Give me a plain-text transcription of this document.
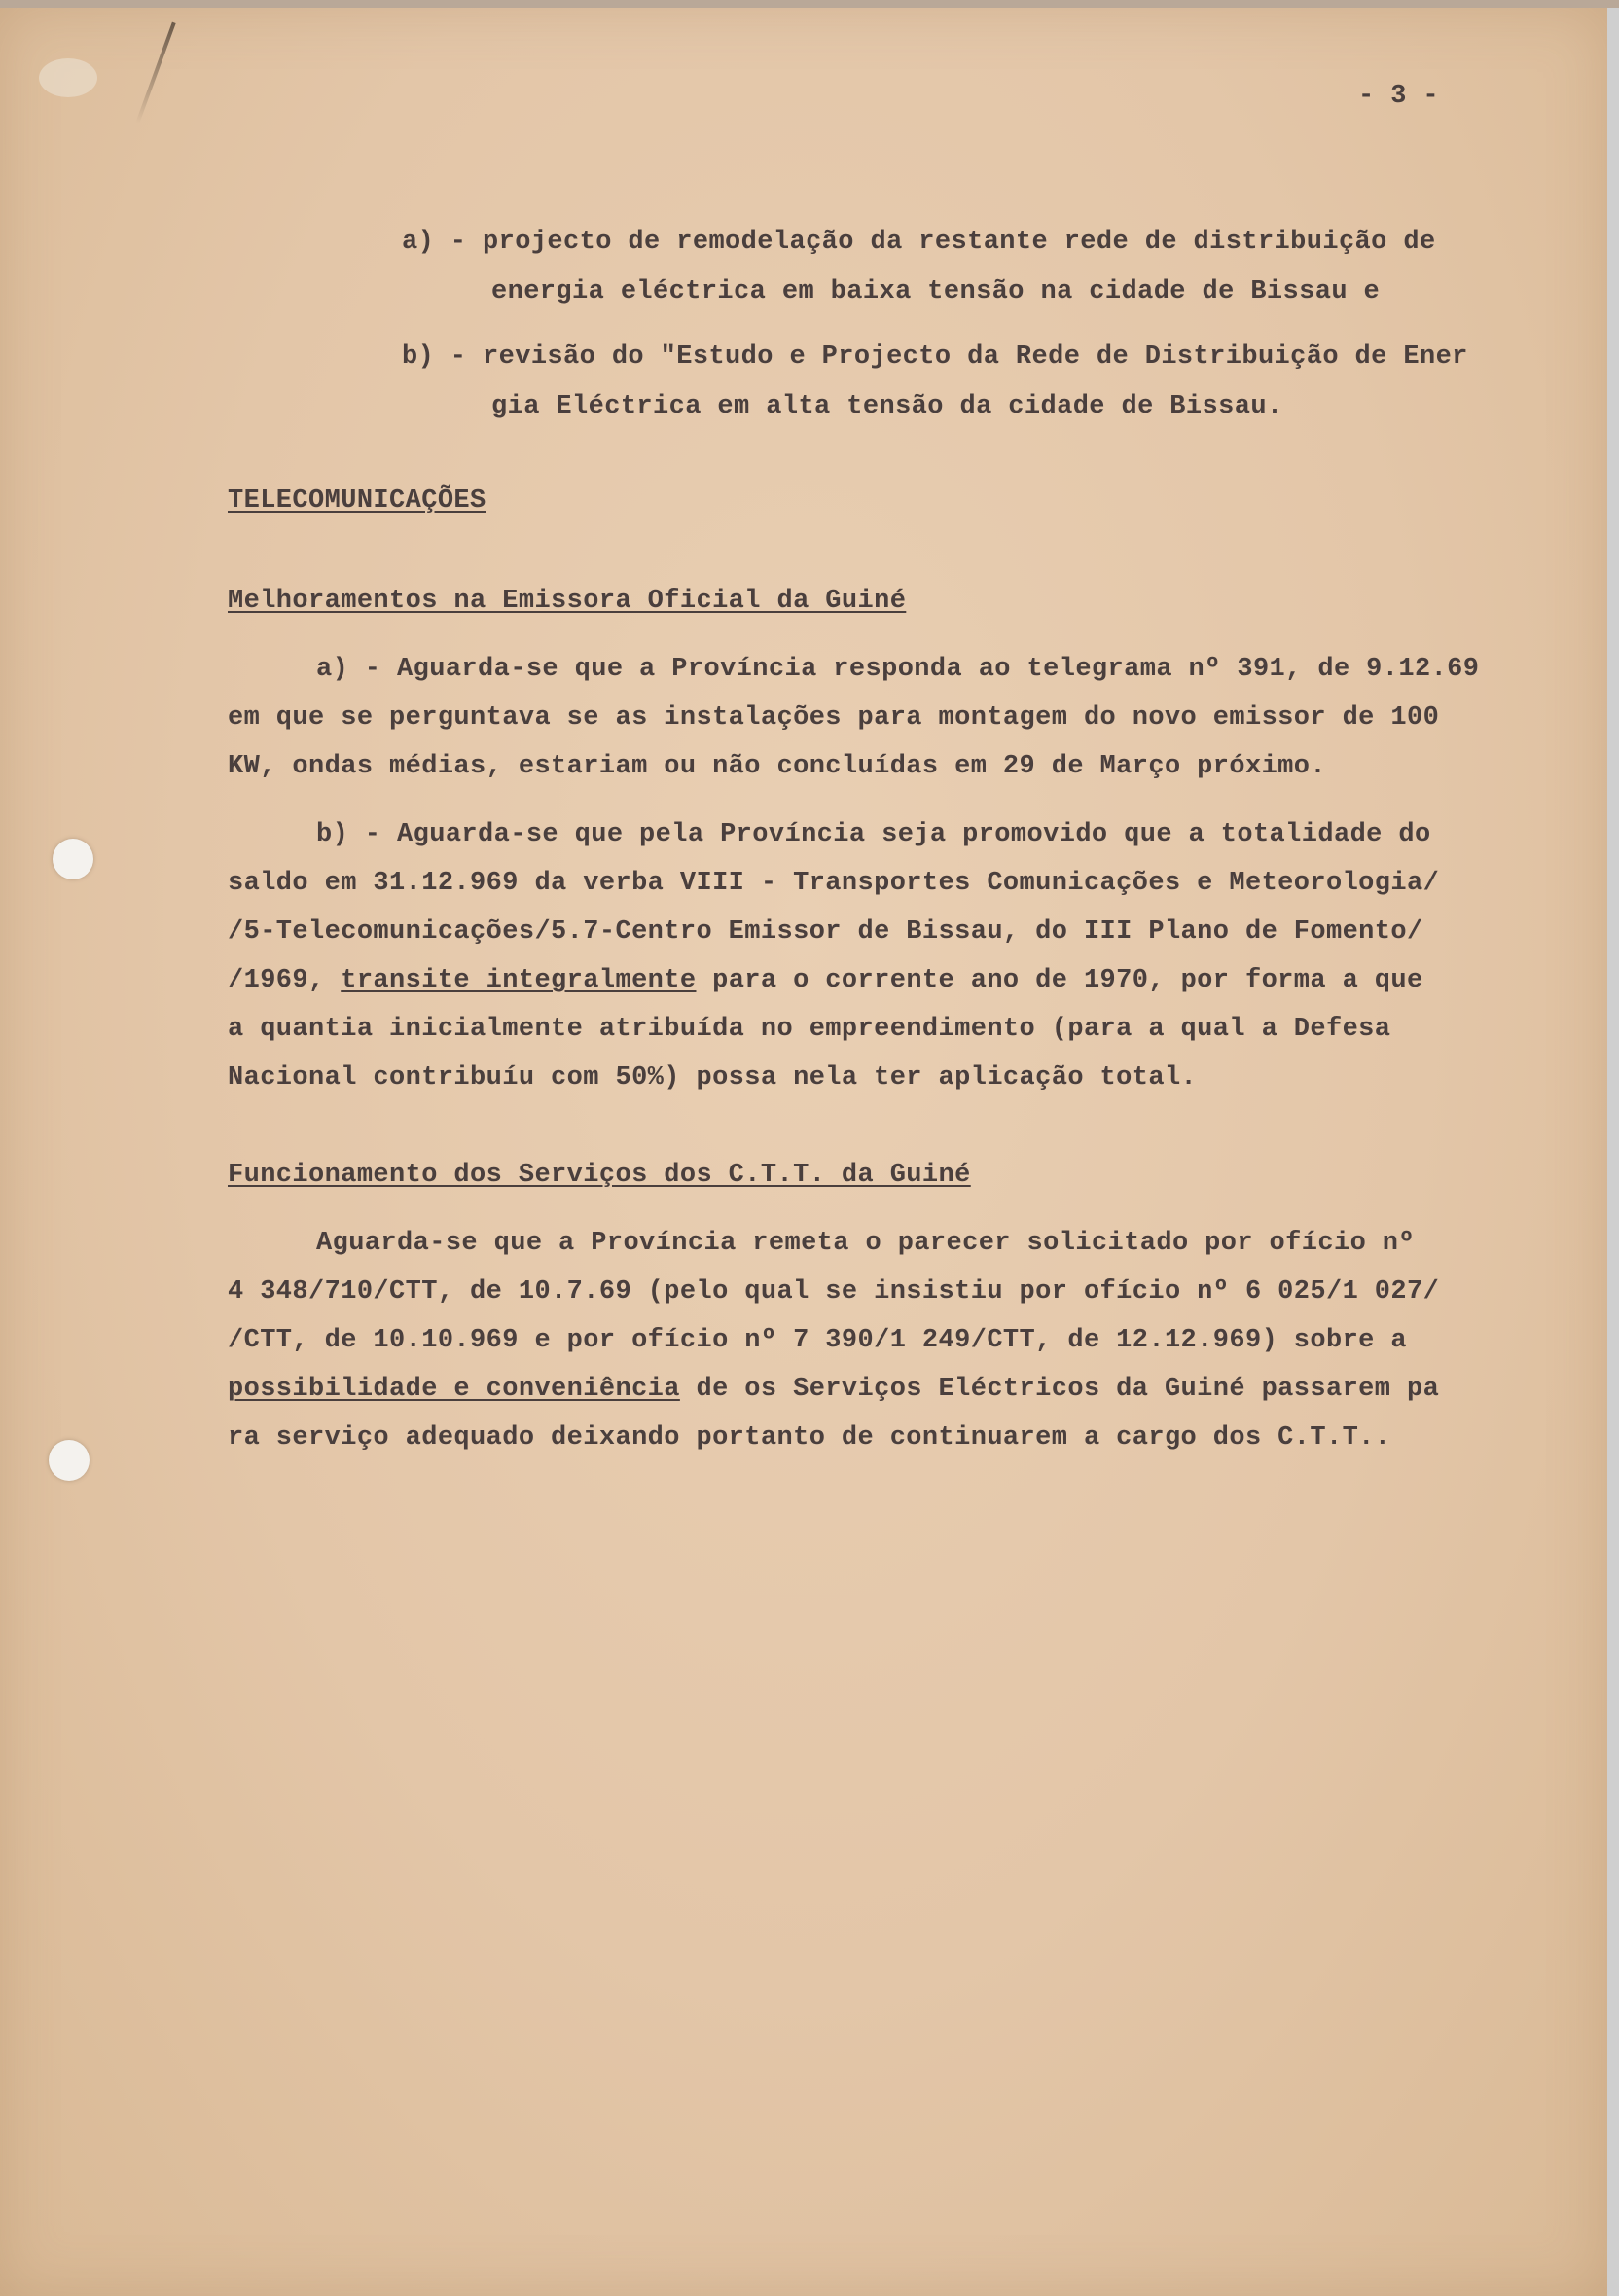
- 3 -
a) - projecto de remodelação da restante rede de distribuição de
energia eléctrica em baixa tensão na cidade de Bissau e
b) - revisão do "Estudo e Projecto da Rede de Distribuição de Ener
gia Eléctrica em alta tensão da cidade de Bissau.
TELECOMUNICAÇÕES
Melhoramentos na Emissora Oficial da Guiné
a) - Aguarda-se que a Província responda ao telegrama nº 391, de 9.12.69
em que se perguntava se as instalações para montagem do novo emissor de 100
KW, ondas médias, estariam ou não concluídas em 29 de Março próximo.
b) - Aguarda-se que pela Província seja promovido que a totalidade do
saldo em 31.12.969 da verba VIII - Transportes Comunicações e Meteorologia/
/5-Telecomunicações/5.7-Centro Emissor de Bissau, do III Plano de Fomento/
/1969, transite integralmente para o corrente ano de 1970, por forma a que
a quantia inicialmente atribuída no empreendimento (para a qual a Defesa
Nacional contribuíu com 50%) possa nela ter aplicação total.
Funcionamento dos Serviços dos C.T.T. da Guiné
Aguarda-se que a Província remeta o parecer solicitado por ofício nº
4 348/710/CTT, de 10.7.69 (pelo qual se insistiu por ofício nº 6 025/1 027/
/CTT, de 10.10.969 e por ofício nº 7 390/1 249/CTT, de 12.12.969) sobre a
possibilidade e conveniência de os Serviços Eléctricos da Guiné passarem pa
ra serviço adequado deixando portanto de continuarem a cargo dos C.T.T..
